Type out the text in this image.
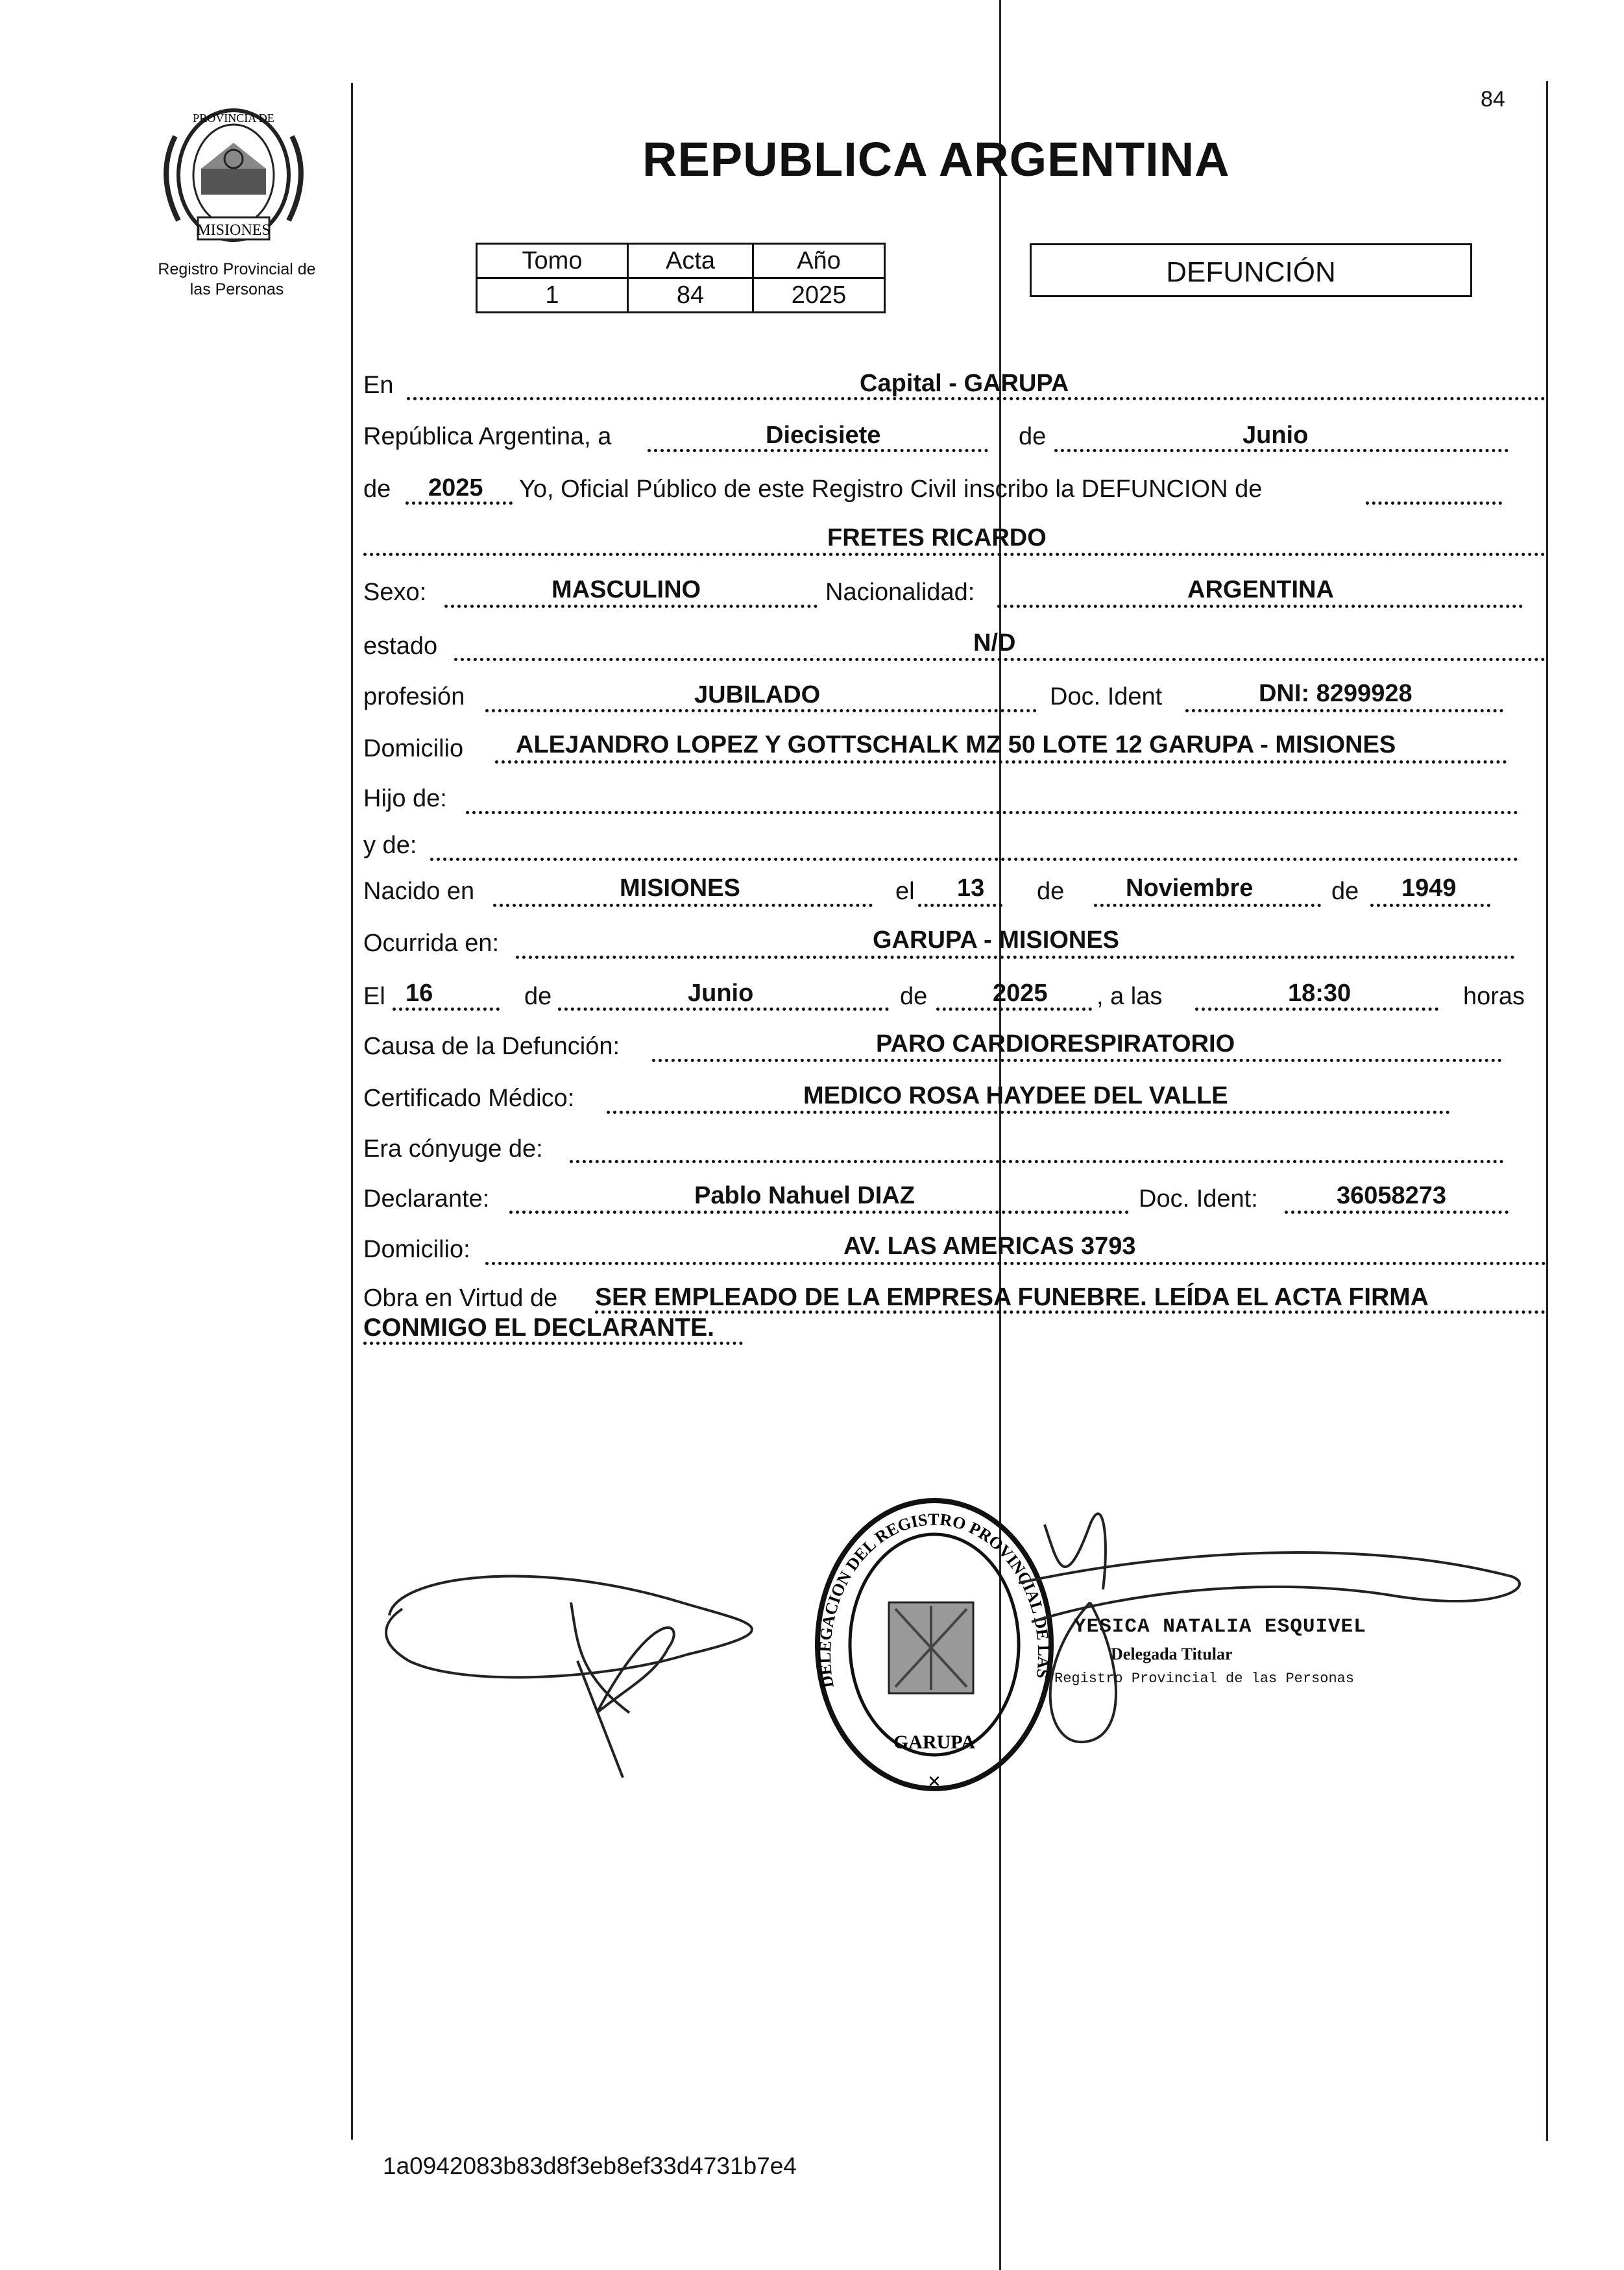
MISIONES
PROVINCIA DE
Registro Provincial de
las Personas
84
REPUBLICA ARGENTINA
Tomo	Acta	Año
1	84	2025
DEFUNCIÓN
En	Capital - GARUPA
República Argentina, a	Diecisiete	de	Junio
de 2025 Yo, Oficial Público de este Registro Civil inscribo la DEFUNCION de
FRETES RICARDO
Sexo:	MASCULINO	Nacionalidad:	ARGENTINA
estado	N/D
profesión	JUBILADO	Doc. Ident	DNI: 8299928
Domicilio ALEJANDRO LOPEZ Y GOTTSCHALK MZ 50 LOTE 12 GARUPA - MISIONES
Hijo de:
y de:
Nacido en	MISIONES	el 13 de Noviembre	de 1949
Ocurrida en:	GARUPA - MISIONES
El 16	de	Junio	de	2025 , a las	18:30	horas
Causa de la Defunción:	PARO CARDIORESPIRATORIO
Certificado Médico:	MEDICO ROSA HAYDEE DEL VALLE
Era cónyuge de:
Declarante:	Pablo Nahuel DIAZ	Doc. Ident:	36058273
Domicilio:	AV. LAS AMERICAS 3793
Obra en Virtud de SER EMPLEADO DE LA EMPRESA FUNEBRE. LEÍDA EL ACTA FIRMA
CONMIGO EL DECLARANTE.
GARUPA
DELEGACION DEL REGISTRO PROVINCIAL DE LAS PERSONAS
✕
YESICA NATALIA ESQUIVEL
Delegada Titular
Registro Provincial de las Personas
1a0942083b83d8f3eb8ef33d4731b7e4
